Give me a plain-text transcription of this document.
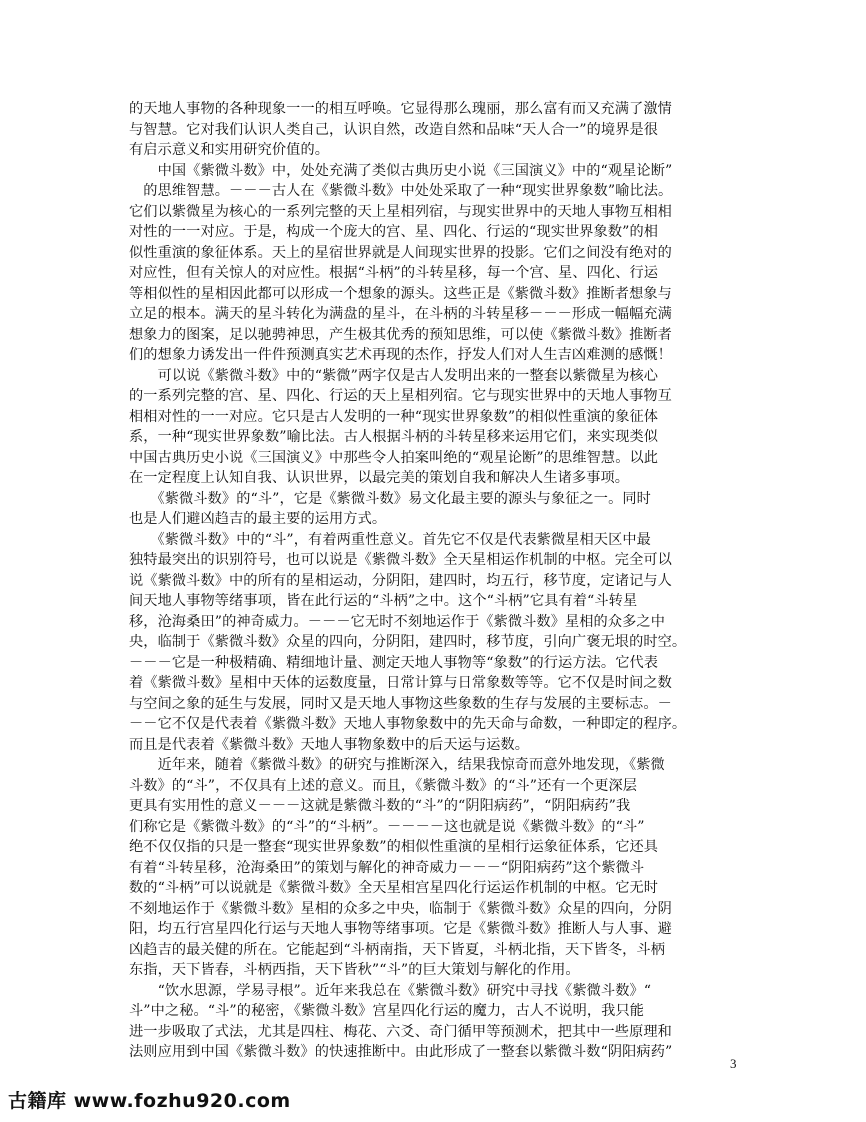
的天地人事物的各种现象一一的相互呼唤。它显得那么瑰丽，那么富有而又充满了激情
与智慧。它对我们认识人类自己，认识自然，改造自然和品味“天人合一”的境界是很
有启示意义和实用研究价值的。
　　中国《紫微斗数》中，处处充满了类似古典历史小说《三国演义》中的“观星论断”
　的思维智慧。－－－古人在《紫微斗数》中处处采取了一种“现实世界象数”喻比法。
它们以紫微星为核心的一系列完整的天上星相列宿，与现实世界中的天地人事物互相相
对性的一一对应。于是，构成一个庞大的宫、星、四化、行运的“现实世界象数”的相
似性重演的象征体系。天上的星宿世界就是人间现实世界的投影。它们之间没有绝对的
对应性，但有关惊人的对应性。根据“斗柄”的斗转星移，每一个宫、星、四化、行运
等相似性的星相因此都可以形成一个想象的源头。这些正是《紫微斗数》推断者想象与
立足的根本。满天的星斗转化为满盘的星斗，在斗柄的斗转星移－－－形成一幅幅充满
想象力的图案，足以驰骋神思，产生极其优秀的预知思维，可以使《紫微斗数》推断者
们的想象力诱发出一件件预测真实艺术再现的杰作，抒发人们对人生吉凶难测的感慨！
　　可以说《紫微斗数》中的“紫微”两字仅是古人发明出来的一整套以紫微星为核心
的一系列完整的宫、星、四化、行运的天上星相列宿。它与现实世界中的天地人事物互
相相对性的一一对应。它只是古人发明的一种“现实世界象数”的相似性重演的象征体
系，一种“现实世界象数”喻比法。古人根据斗柄的斗转星移来运用它们，来实现类似
中国古典历史小说《三国演义》中那些令人拍案叫绝的“观星论断”的思维智慧。以此
在一定程度上认知自我、认识世界，以最完美的策划自我和解决人生诸多事项。
　　《紫微斗数》的“斗”，它是《紫微斗数》易文化最主要的源头与象征之一。同时
也是人们避凶趋吉的最主要的运用方式。
　　《紫微斗数》中的“斗”，有着两重性意义。首先它不仅是代表紫微星相天区中最
独特最突出的识别符号，也可以说是《紫微斗数》全天星相运作机制的中枢。完全可以
说《紫微斗数》中的所有的星相运动，分阴阳，建四时，均五行，移节度，定诸记与人
间天地人事物等绪事项，皆在此行运的“斗柄”之中。这个“斗柄”它具有着“斗转星
移，沧海桑田”的神奇威力。－－－它无时不刻地运作于《紫微斗数》星相的众多之中
央，临制于《紫微斗数》众星的四向，分阴阳，建四时，移节度，引向广褒无垠的时空。
－－－它是一种极精确、精细地计量、测定天地人事物等“象数”的行运方法。它代表
着《紫微斗数》星相中天体的运数度量，日常计算与日常象数等等。它不仅是时间之数
与空间之象的延生与发展，同时又是天地人事物这些象数的生存与发展的主要标志。－
－－它不仅是代表着《紫微斗数》天地人事物象数中的先天命与命数，一种即定的程序。
而且是代表着《紫微斗数》天地人事物象数中的后天运与运数。
　　近年来，随着《紫微斗数》的研究与推断深入，结果我惊奇而意外地发现，《紫微
斗数》的“斗”，不仅具有上述的意义。而且，《紫微斗数》的“斗”还有一个更深层
更具有实用性的意义－－－这就是紫微斗数的“斗”的“阴阳病药”，“阴阳病药”我
们称它是《紫微斗数》的“斗”的“斗柄”。－－－－这也就是说《紫微斗数》的“斗”
绝不仅仅指的只是一整套“现实世界象数”的相似性重演的星相行运象征体系，它还具
有着“斗转星移，沧海桑田”的策划与解化的神奇威力－－－“阴阳病药”这个紫微斗
数的“斗柄”可以说就是《紫微斗数》全天星相宫星四化行运运作机制的中枢。它无时
不刻地运作于《紫微斗数》星相的众多之中央，临制于《紫微斗数》众星的四向，分阴
阳，均五行宫星四化行运与天地人事物等绪事项。它是《紫微斗数》推断人与人事、避
凶趋吉的最关健的所在。它能起到“斗柄南指，天下皆夏，斗柄北指，天下皆冬，斗柄
东指，天下皆春，斗柄西指，天下皆秋”“斗”的巨大策划与解化的作用。
　　“饮水思源，学易寻根”。近年来我总在《紫微斗数》研究中寻找《紫微斗数》“
斗”中之秘。“斗”的秘密，《紫微斗数》宫星四化行运的魔力，古人不说明，我只能
进一步吸取了式法，尤其是四柱、梅花、六爻、奇门循甲等预测术，把其中一些原理和
法则应用到中国《紫微斗数》的快速推断中。由此形成了一整套以紫微斗数“阴阳病药”
3
古籍库 www.fozhu920.com
